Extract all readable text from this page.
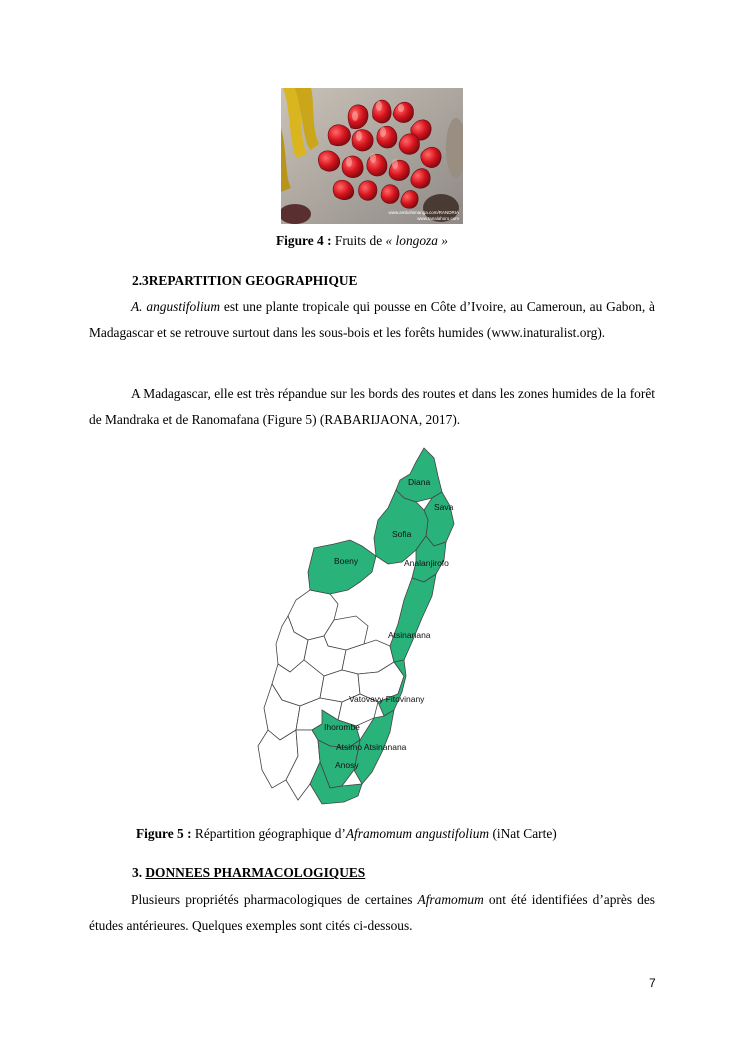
www.ambohimanga.com/RANDRIA
www.tanalahoro.com
Figure 4 : Fruits de « longoza »
2.3REPARTITION GEOGRAPHIQUE
A. angustifolium est une plante tropicale qui pousse en Côte d’Ivoire, au Cameroun, au Gabon, à Madagascar et se retrouve surtout dans les sous-bois et les forêts humides (www.inaturalist.org).
A Madagascar, elle est très répandue sur les bords des routes et dans les zones humides de la forêt de Mandraka et de Ranomafana (Figure 5) (RABARIJAONA, 2017).
Diana
Sava
Sofia
Boeny	Analanjirofo
Atsinanana
Vatovavy Fitovinany
Ihorombe
Atsimo Atsinanana
Anosy
Figure 5 : Répartition géographique d’Aframomum angustifolium (iNat Carte)
3. DONNEES PHARMACOLOGIQUES
Plusieurs propriétés pharmacologiques de certaines Aframomum ont été identifiées d’après des études antérieures. Quelques exemples sont cités ci-dessous.
7
